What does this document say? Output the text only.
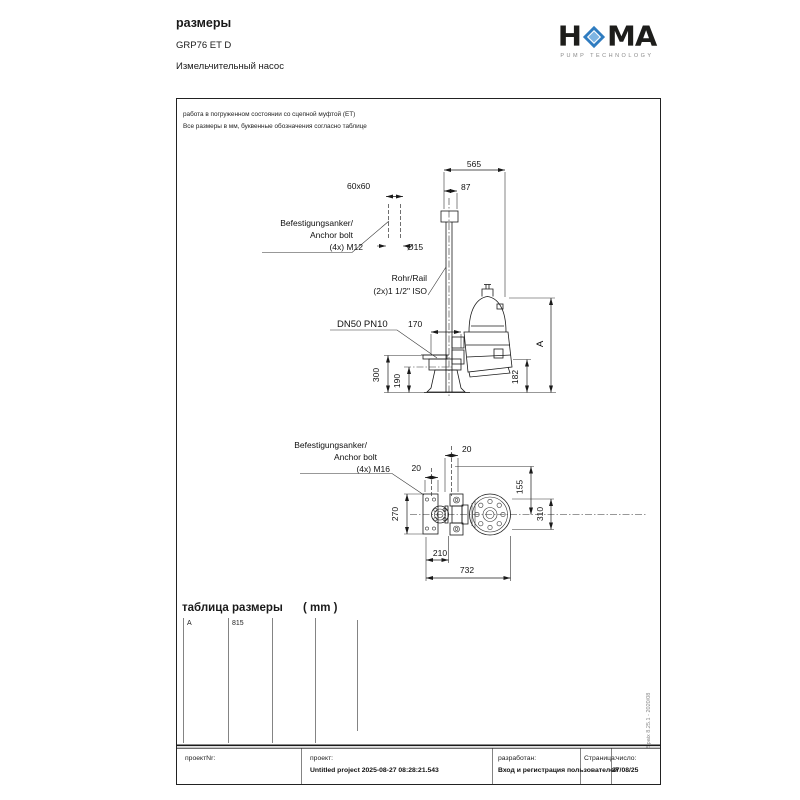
размеры
GRP76 ET D
Измельчительный насос
H MA
PUMP TECHNOLOGY
работа в погруженном состоянии со сцепной муфтой (ET)
Все размеры в мм, буквенные обозначения согласно таблице
таблица размеры ( mm )
A	815
проектNr:	проект:
Untitled project 2025-08-27 08:28:21.543
разработан:
Вход и регистрация пользователей
Страница: число:
27/08/25
Spaix 8.25.1 - 2020/08
565
87
60x60
Ø15
Befestigungsanker/
Anchor bolt
(4x) M12
Rohr/Rail
(2x)1 1/2" ISO
DN50 PN10 170
300 190	182
A
Befestigungsanker/
Anchor bolt
(4x) M16
20
20
270
155
310
210
732
